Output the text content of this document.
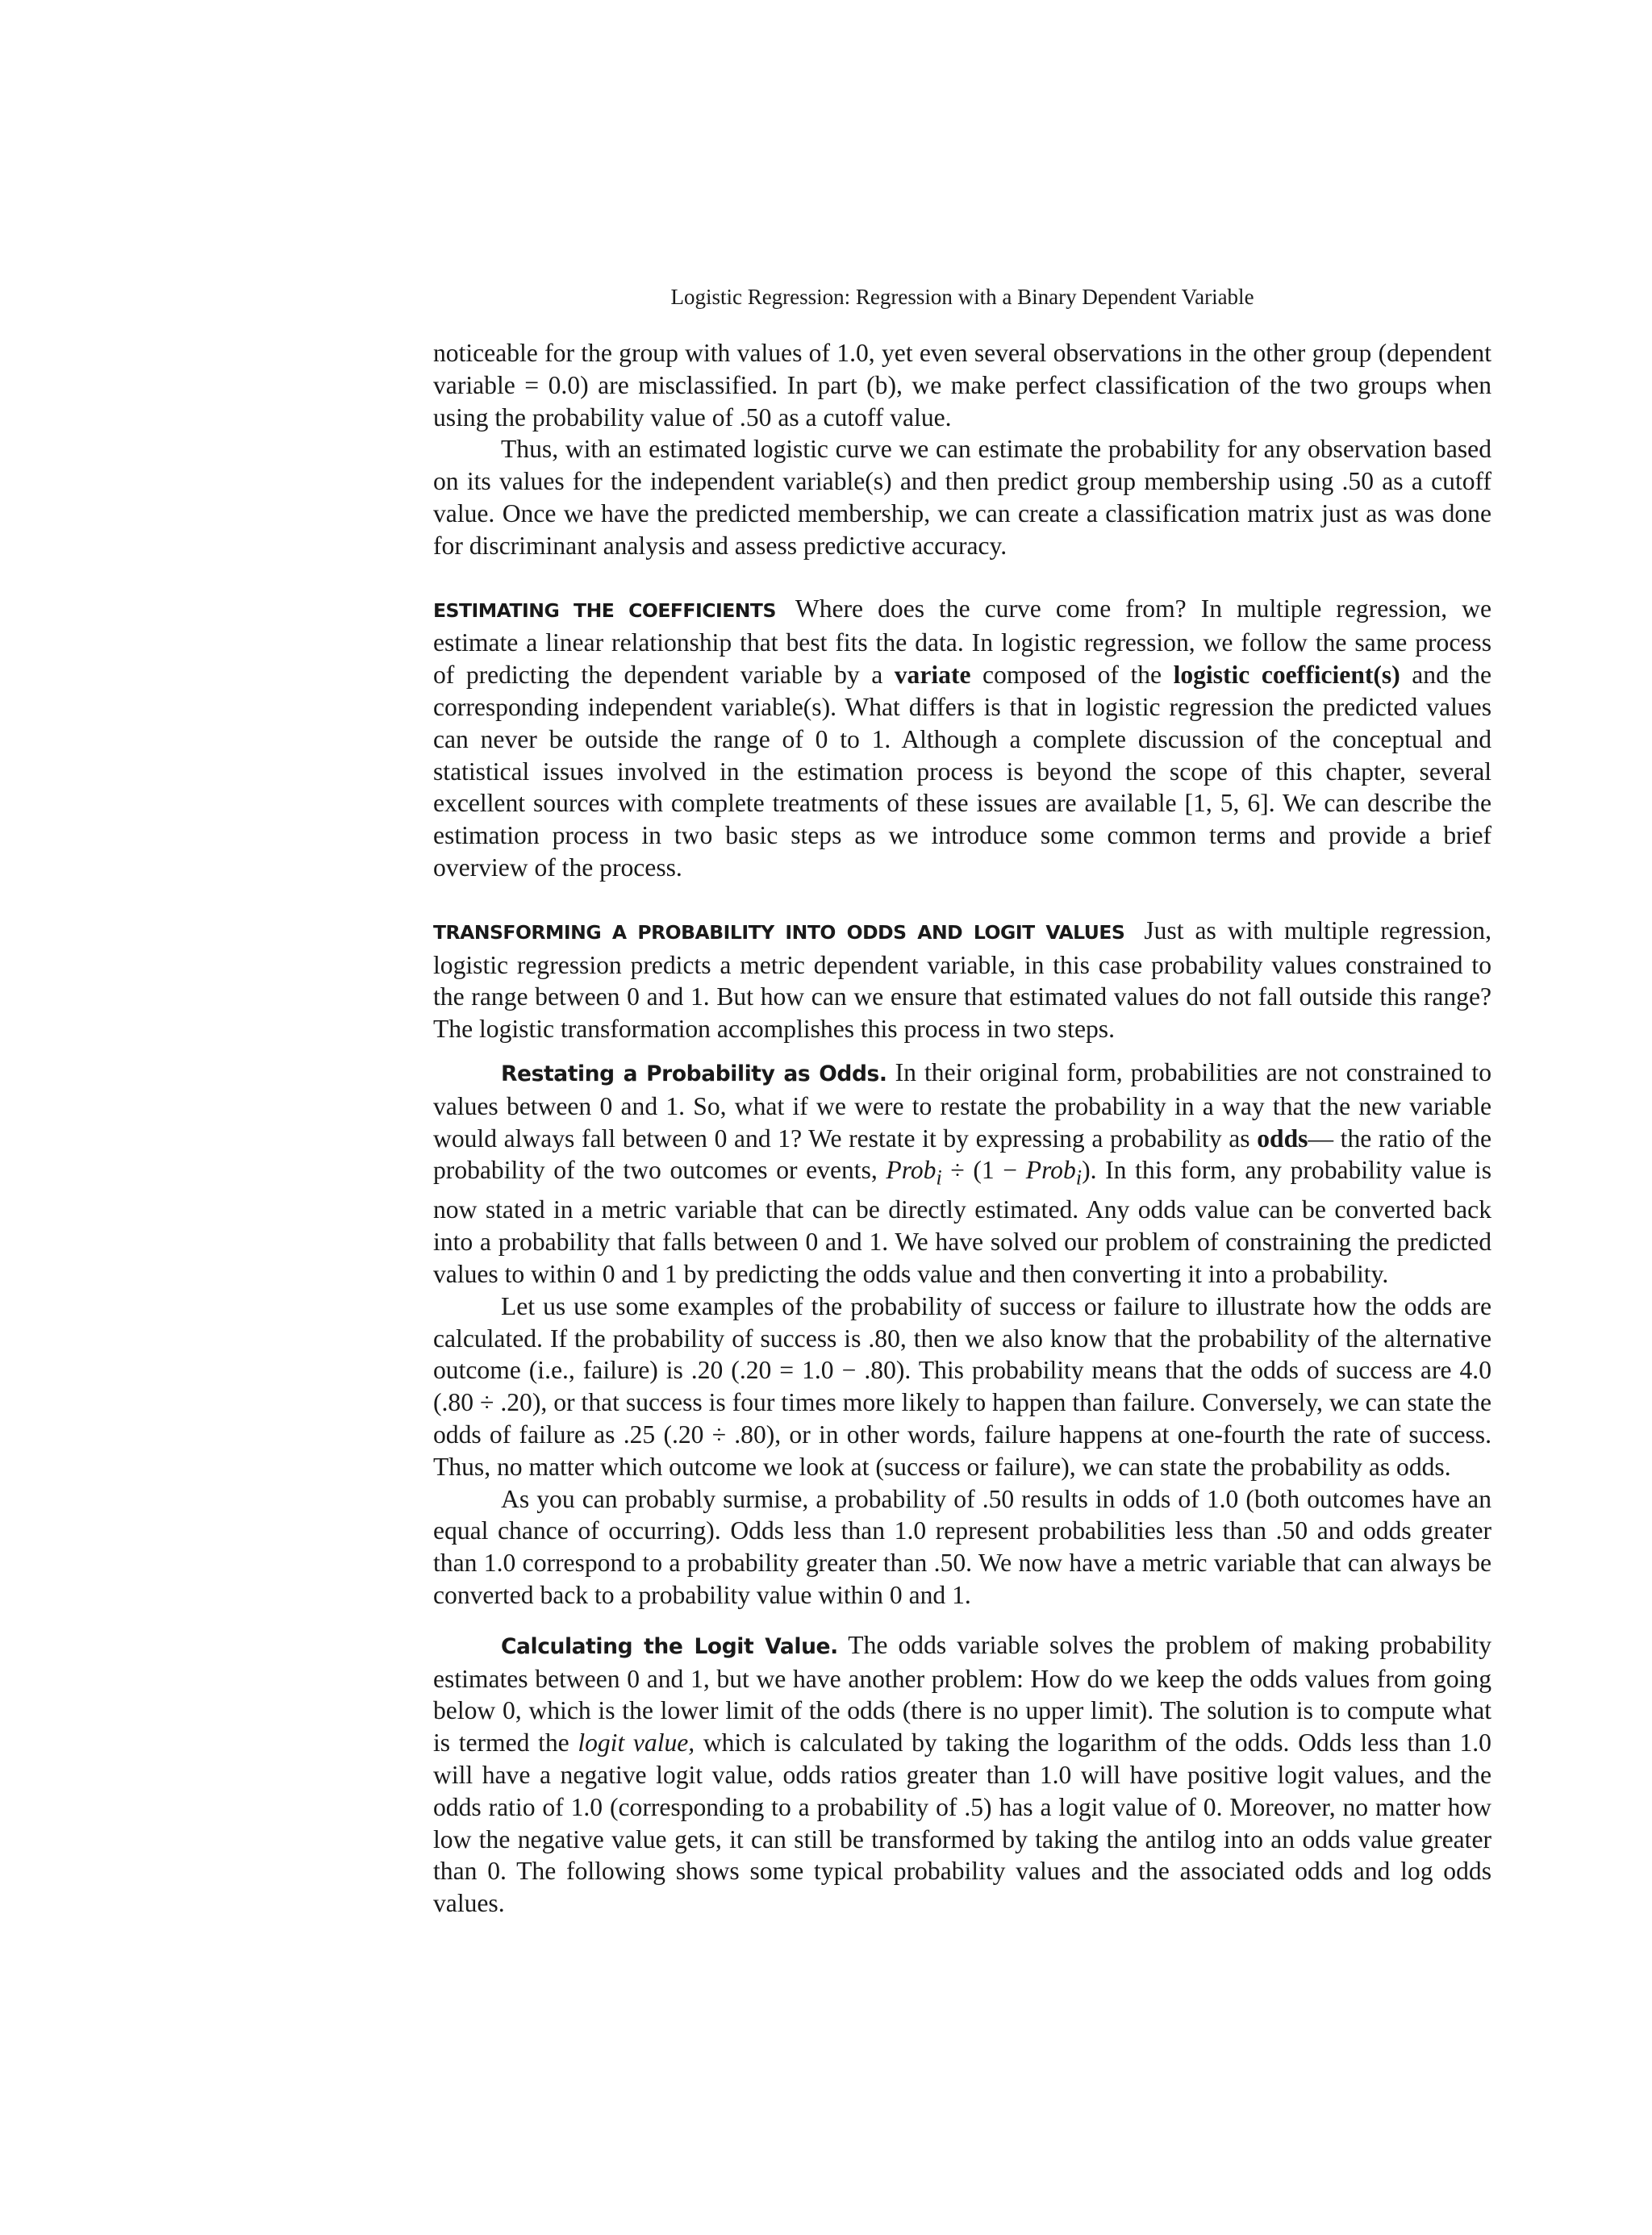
Logistic Regression: Regression with a Binary Dependent Variable

noticeable for the group with values of 1.0, yet even several observations in the other group (dependent variable = 0.0) are misclassified. In part (b), we make perfect classification of the two groups when using the probability value of .50 as a cutoff value.

Thus, with an estimated logistic curve we can estimate the probability for any observation based on its values for the independent variable(s) and then predict group membership using .50 as a cutoff value. Once we have the predicted membership, we can create a classification matrix just as was done for discriminant analysis and assess predictive accuracy.

ESTIMATING THE COEFFICIENTS Where does the curve come from? In multiple regression, we estimate a linear relationship that best fits the data. In logistic regression, we follow the same process of predicting the dependent variable by a variate composed of the logistic coefficient(s) and the corresponding independent variable(s). What differs is that in logistic regression the predicted values can never be outside the range of 0 to 1. Although a complete discussion of the conceptual and statistical issues involved in the estimation process is beyond the scope of this chapter, several excellent sources with complete treatments of these issues are available [1, 5, 6]. We can describe the estimation process in two basic steps as we introduce some common terms and provide a brief overview of the process.

TRANSFORMING A PROBABILITY INTO ODDS AND LOGIT VALUES Just as with multiple regression, logistic regression predicts a metric dependent variable, in this case probability values constrained to the range between 0 and 1. But how can we ensure that estimated values do not fall outside this range? The logistic transformation accomplishes this process in two steps.

Restating a Probability as Odds. In their original form, probabilities are not constrained to values between 0 and 1. So, what if we were to restate the probability in a way that the new variable would always fall between 0 and 1? We restate it by expressing a probability as odds— the ratio of the probability of the two outcomes or events, Prob$_i$ ÷ (1 − Prob$_i$). In this form, any probability value is now stated in a metric variable that can be directly estimated. Any odds value can be converted back into a probability that falls between 0 and 1. We have solved our problem of constraining the predicted values to within 0 and 1 by predicting the odds value and then converting it into a probability.

Let us use some examples of the probability of success or failure to illustrate how the odds are calculated. If the probability of success is .80, then we also know that the probability of the alternative outcome (i.e., failure) is .20 (.20 = 1.0 − .80). This probability means that the odds of success are 4.0 (.80 ÷ .20), or that success is four times more likely to happen than failure. Conversely, we can state the odds of failure as .25 (.20 ÷ .80), or in other words, failure happens at one-fourth the rate of success. Thus, no matter which outcome we look at (success or failure), we can state the probability as odds.

As you can probably surmise, a probability of .50 results in odds of 1.0 (both outcomes have an equal chance of occurring). Odds less than 1.0 represent probabilities less than .50 and odds greater than 1.0 correspond to a probability greater than .50. We now have a metric variable that can always be converted back to a probability value within 0 and 1.

Calculating the Logit Value. The odds variable solves the problem of making probability estimates between 0 and 1, but we have another problem: How do we keep the odds values from going below 0, which is the lower limit of the odds (there is no upper limit). The solution is to compute what is termed the logit value, which is calculated by taking the logarithm of the odds. Odds less than 1.0 will have a negative logit value, odds ratios greater than 1.0 will have positive logit values, and the odds ratio of 1.0 (corresponding to a probability of .5) has a logit value of 0. Moreover, no matter how low the negative value gets, it can still be transformed by taking the antilog into an odds value greater than 0. The following shows some typical probability values and the associated odds and log odds values.
